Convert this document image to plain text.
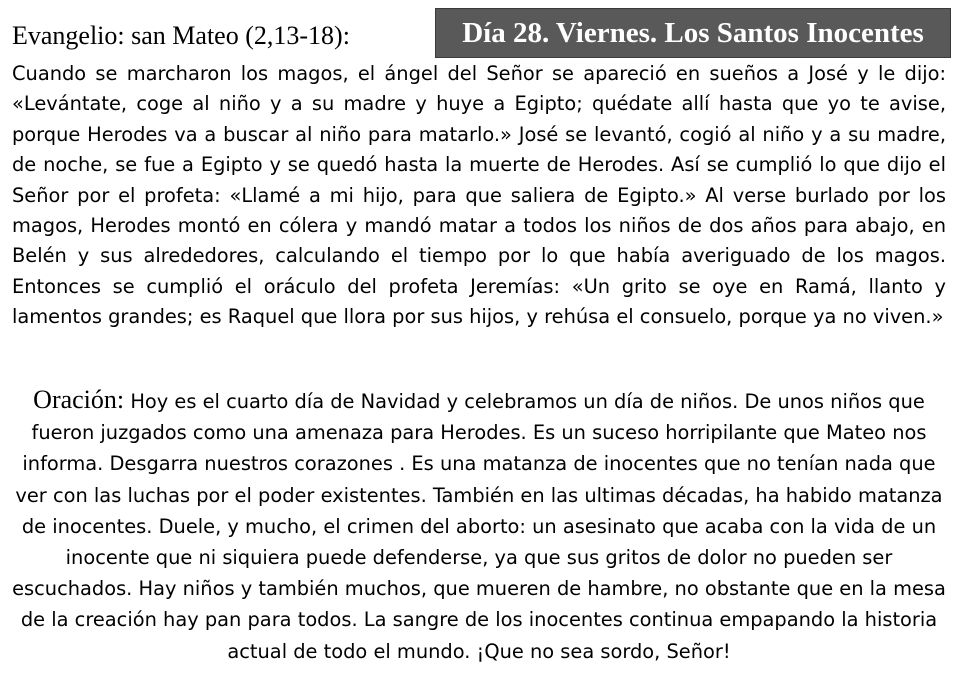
Evangelio: san Mateo (2,13-18):	Día 28. Viernes. Los Santos Inocentes

Cuando se marcharon los magos, el ángel del Señor se apareció en sueños a José y le dijo: «Levántate, coge al niño y a su madre y huye a Egipto; quédate allí hasta que yo te avise, porque Herodes va a buscar al niño para matarlo.» José se levantó, cogió al niño y a su madre, de noche, se fue a Egipto y se quedó hasta la muerte de Herodes. Así se cumplió lo que dijo el Señor por el profeta: «Llamé a mi hijo, para que saliera de Egipto.» Al verse burlado por los magos, Herodes montó en cólera y mandó matar a todos los niños de dos años para abajo, en Belén y sus alrededores, calculando el tiempo por lo que había averiguado de los magos. Entonces se cumplió el oráculo del profeta Jeremías: «Un grito se oye en Ramá, llanto y lamentos grandes; es Raquel que llora por sus hijos, y rehúsa el consuelo, porque ya no viven.»

Oración: Hoy es el cuarto día de Navidad y celebramos un día de niños. De unos niños que fueron juzgados como una amenaza para Herodes. Es un suceso horripilante que Mateo nos informa. Desgarra nuestros corazones . Es una matanza de inocentes que no tenían nada que ver con las luchas por el poder existentes. También en las ultimas décadas, ha habido matanza de inocentes. Duele, y mucho, el crimen del aborto: un asesinato que acaba con la vida de un inocente que ni siquiera puede defenderse, ya que sus gritos de dolor no pueden ser escuchados. Hay niños y también muchos, que mueren de hambre, no obstante que en la mesa de la creación hay pan para todos. La sangre de los inocentes continua empapando la historia actual de todo el mundo. ¡Que no sea sordo, Señor!
